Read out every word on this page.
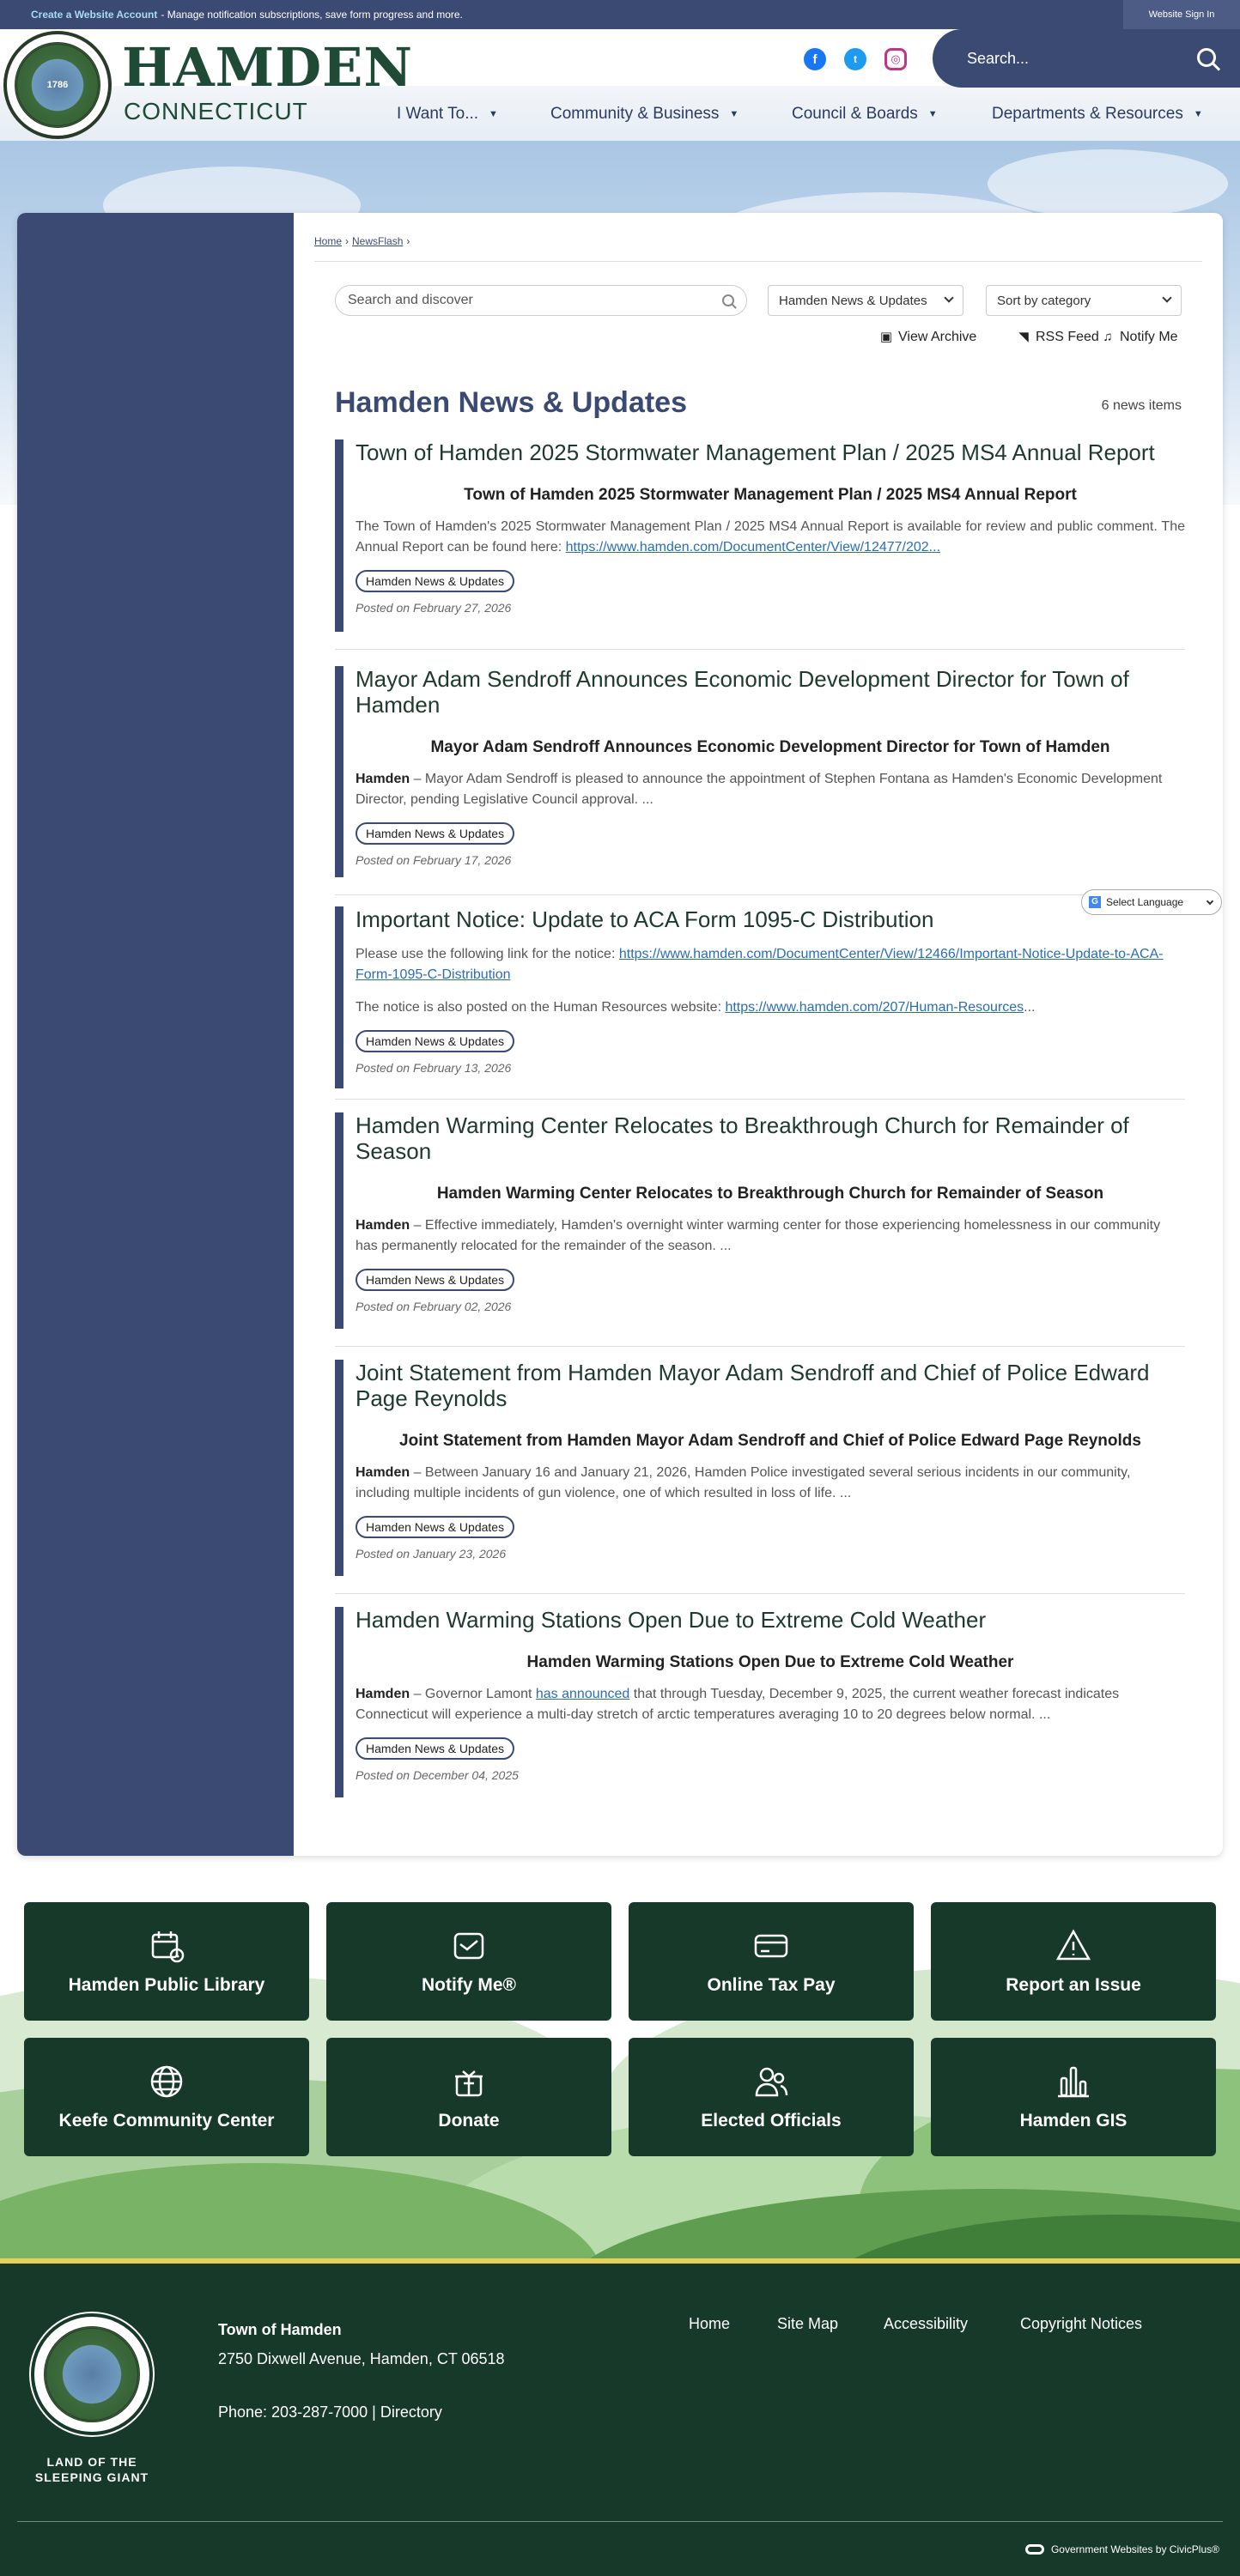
Create a Website Account - Manage notification subscriptions, save form progress and more.	Website Sign In
1786 HAMDEN
CONNECTICUT
f	t	◎
Search...
I Want To... ▼	Community & Business ▼	Council & Boards ▼	Departments & Resources ▼
Home › NewsFlash ›
Search and discover
Hamden News & Updates	Sort by category
▣ View Archive	◥ RSS Feed ♫ Notify Me
Hamden News & Updates	6 news items
Town of Hamden 2025 Stormwater Management Plan / 2025 MS4 Annual Report
Town of Hamden 2025 Stormwater Management Plan / 2025 MS4 Annual Report

The Town of Hamden's 2025 Stormwater Management Plan / 2025 MS4 Annual Report is available for review and public comment. The Annual Report can be found here: https://www.hamden.com/DocumentCenter/View/12477/202...

Hamden News & Updates
Posted on February 27, 2026
Mayor Adam Sendroff Announces Economic Development Director for Town of Hamden
Mayor Adam Sendroff Announces Economic Development Director for Town of Hamden

Hamden – Mayor Adam Sendroff is pleased to announce the appointment of Stephen Fontana as Hamden's Economic Development Director, pending Legislative Council approval. ...

Hamden News & Updates
Posted on February 17, 2026
Important Notice: Update to ACA Form 1095-C Distribution

Please use the following link for the notice: https://www.hamden.com/DocumentCenter/View/12466/Important-Notice-Update-to-ACA-Form-1095-C-Distribution

The notice is also posted on the Human Resources website: https://www.hamden.com/207/Human-Resources...

Hamden News & Updates
Posted on February 13, 2026
Hamden Warming Center Relocates to Breakthrough Church for Remainder of Season
Hamden Warming Center Relocates to Breakthrough Church for Remainder of Season

Hamden – Effective immediately, Hamden's overnight winter warming center for those experiencing homelessness in our community has permanently relocated for the remainder of the season. ...

Hamden News & Updates
Posted on February 02, 2026
Joint Statement from Hamden Mayor Adam Sendroff and Chief of Police Edward Page Reynolds
Joint Statement from Hamden Mayor Adam Sendroff and Chief of Police Edward Page Reynolds

Hamden – Between January 16 and January 21, 2026, Hamden Police investigated several serious incidents in our community, including multiple incidents of gun violence, one of which resulted in loss of life. ...

Hamden News & Updates
Posted on January 23, 2026
Hamden Warming Stations Open Due to Extreme Cold Weather
Hamden Warming Stations Open Due to Extreme Cold Weather

Hamden – Governor Lamont has announced that through Tuesday, December 9, 2025, the current weather forecast indicates Connecticut will experience a multi-day stretch of arctic temperatures averaging 10 to 20 degrees below normal. ...

Hamden News & Updates
Posted on December 04, 2025
G Select Language
Hamden Public Library	Notify Me®	Online Tax Pay	Report an Issue
Keefe Community Center	Donate	Elected Officials	Hamden GIS
LAND OF THE SLEEPING GIANT
Town of Hamden
2750 Dixwell Avenue, Hamden, CT 06518
Phone: 203-287-7000 | Directory
Home	Site Map	Accessibility	Copyright Notices
Government Websites by CivicPlus®
